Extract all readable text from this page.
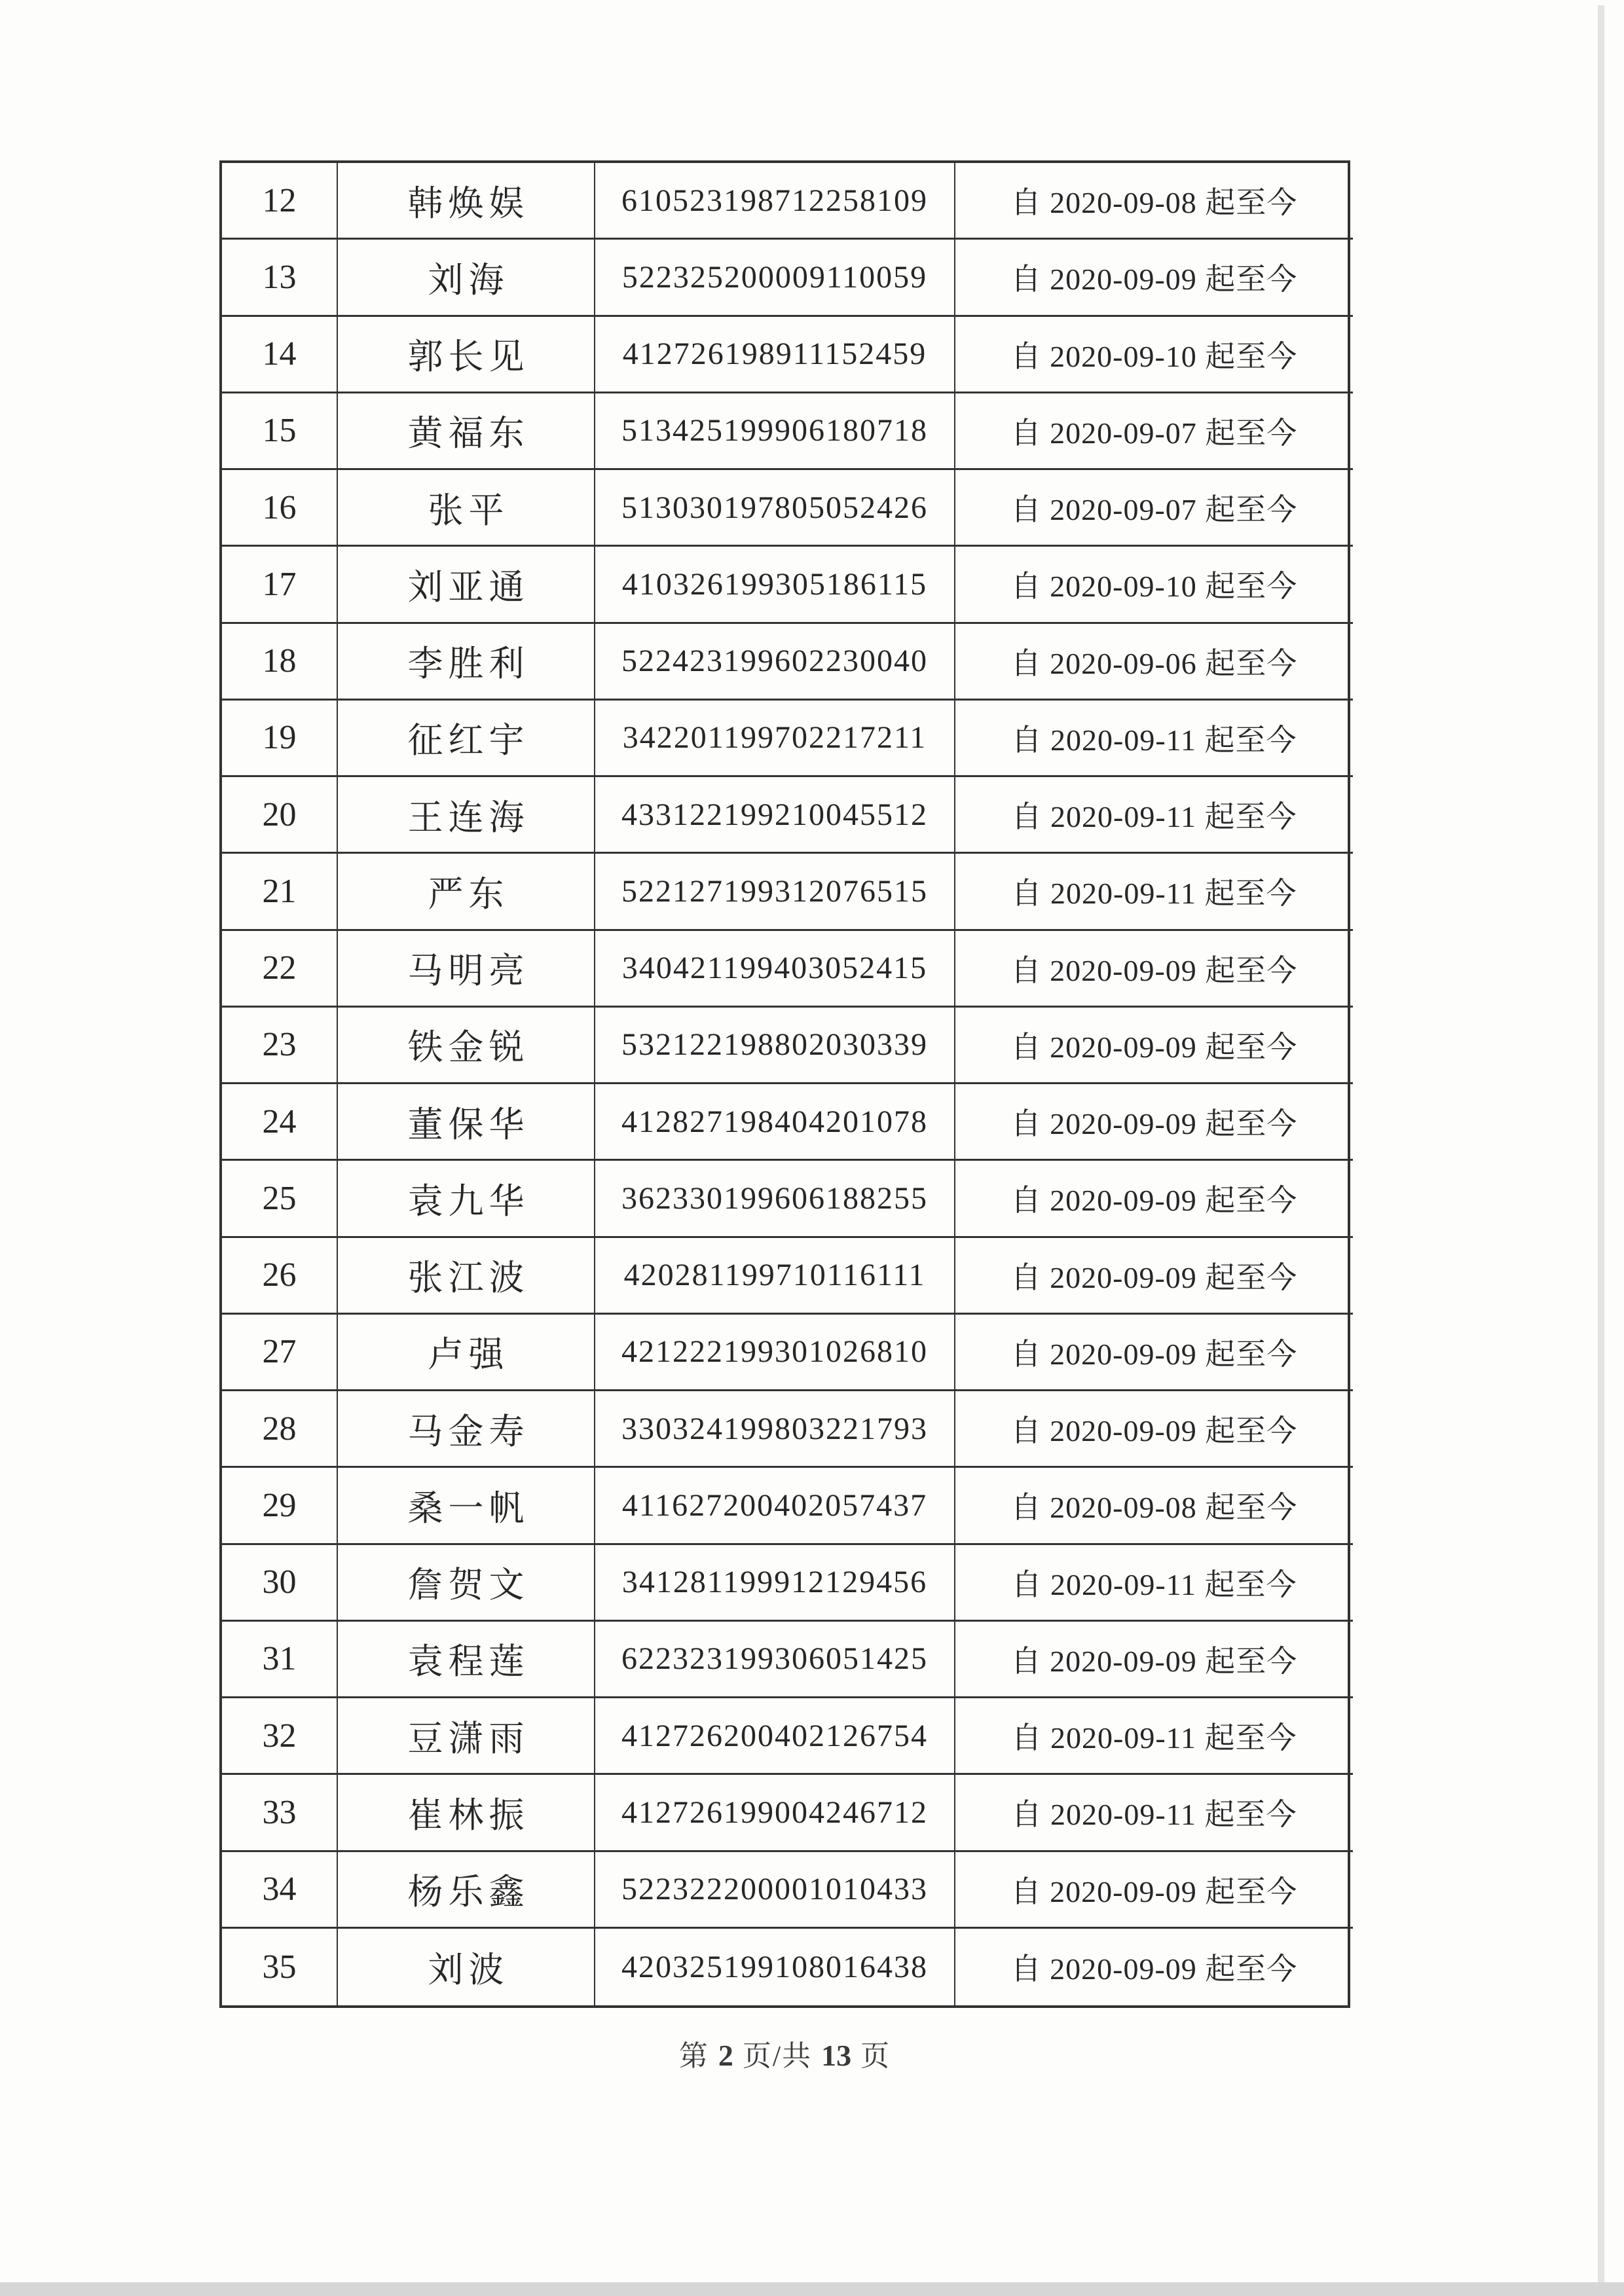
12	韩焕娱	610523198712258109	自 2020-09-08 起至今
13	刘海	522325200009110059	自 2020-09-09 起至今
14	郭长见	412726198911152459	自 2020-09-10 起至今
15	黄福东	513425199906180718	自 2020-09-07 起至今
16	张平	513030197805052426	自 2020-09-07 起至今
17	刘亚通	410326199305186115	自 2020-09-10 起至今
18	李胜利	522423199602230040	自 2020-09-06 起至今
19	征红宇	342201199702217211	自 2020-09-11 起至今
20	王连海	433122199210045512	自 2020-09-11 起至今
21	严东	522127199312076515	自 2020-09-11 起至今
22	马明亮	340421199403052415	自 2020-09-09 起至今
23	铁金锐	532122198802030339	自 2020-09-09 起至今
24	董保华	412827198404201078	自 2020-09-09 起至今
25	袁九华	362330199606188255	自 2020-09-09 起至今
26	张江波	420281199710116111	自 2020-09-09 起至今
27	卢强	421222199301026810	自 2020-09-09 起至今
28	马金寿	330324199803221793	自 2020-09-09 起至今
29	桑一帆	411627200402057437	自 2020-09-08 起至今
30	詹贺文	341281199912129456	自 2020-09-11 起至今
31	袁程莲	622323199306051425	自 2020-09-09 起至今
32	豆潇雨	412726200402126754	自 2020-09-11 起至今
33	崔林振	412726199004246712	自 2020-09-11 起至今
34	杨乐鑫	522322200001010433	自 2020-09-09 起至今
35	刘波	420325199108016438	自 2020-09-09 起至今
第 2 页/共 13 页
